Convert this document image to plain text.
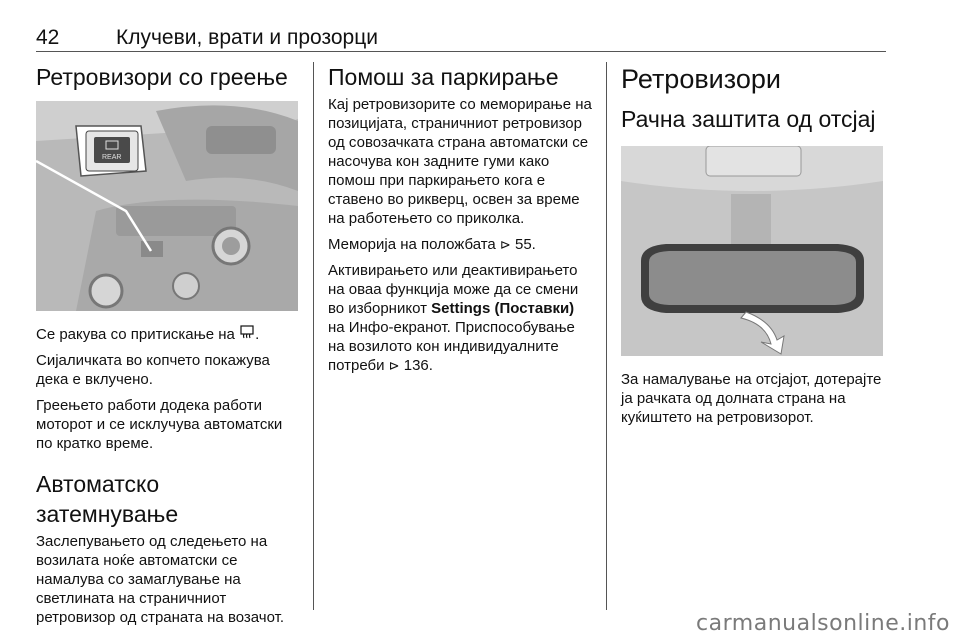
42	Клучеви, врати и прозорци
Ретровизори со греење
REAR

Се ракува со притискање на .

Сијаличката во копчето покажува дека е вклучено.

Греењето работи додека работи моторот и се исклучува автоматски по кратко време.

Автоматско затемнување

Заслепувањето од следењето на возилата ноќе автоматски се намалува со замаглување на светлината на страничниот ретровизор од страната на возачот.

Помош за паркирање

Кај ретровизорите со меморирање на позицијата, страничниот ретровизор од совозачката страна автоматски се насочува кон задните гуми како помош при паркирањето кога е ставено во рикверц, освен за време на работењето со приколка.

Меморија на положбата ⊳ 55.

Активирањето или деактивирањето на оваа функција може да се смени во изборникот Settings (Поставки) на Инфо-екранот. Приспособување на возилото кон индивидуалните потреби ⊳ 136.

Ретровизори
Рачна заштита од отсјај

За намалување на отсјајот, дотерајте ја рачката од долната страна на куќиштето на ретровизорот.

carmanualsonline.info
